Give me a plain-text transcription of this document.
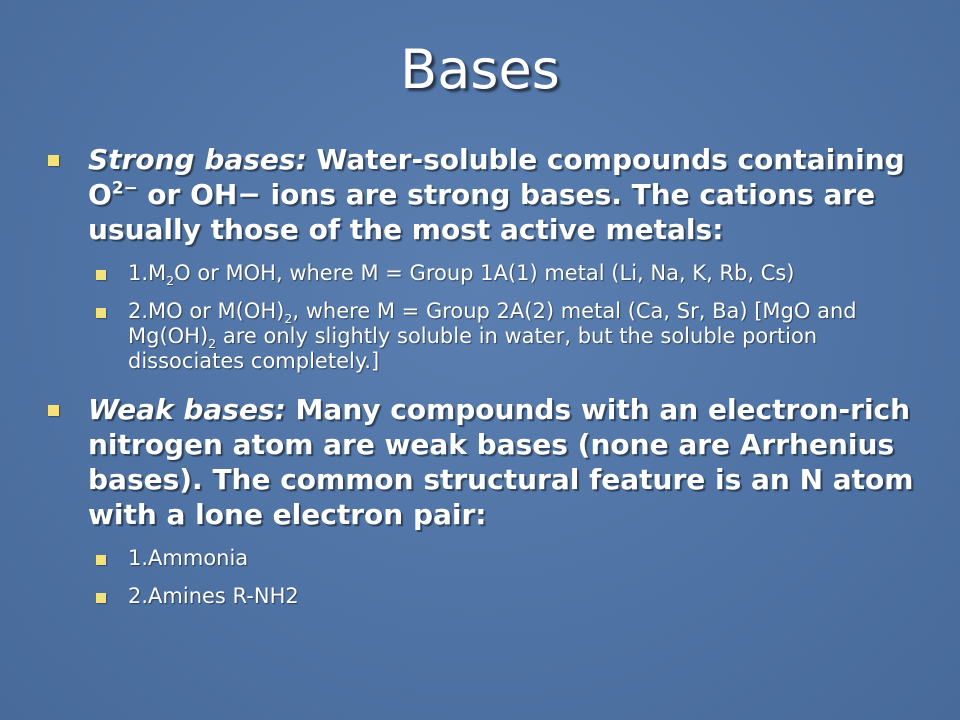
Bases
Strong bases: Water-soluble compounds containing $O^{2-}$ or OH− ions are strong bases. The cations are usually those of the most active metals:
$1.M_2O$ or MOH, where M = Group 1A(1) metal (Li, Na, K, Rb, Cs)
2.MO or $M(OH)_2$, where M = Group 2A(2) metal (Ca, Sr, Ba) [MgO and $Mg(OH)_2$ are only slightly soluble in water, but the soluble portion dissociates completely.]
Weak bases: Many compounds with an electron-rich nitrogen atom are weak bases (none are Arrhenius bases). The common structural feature is an N atom with a lone electron pair:
1.Ammonia
2.Amines R-NH2
